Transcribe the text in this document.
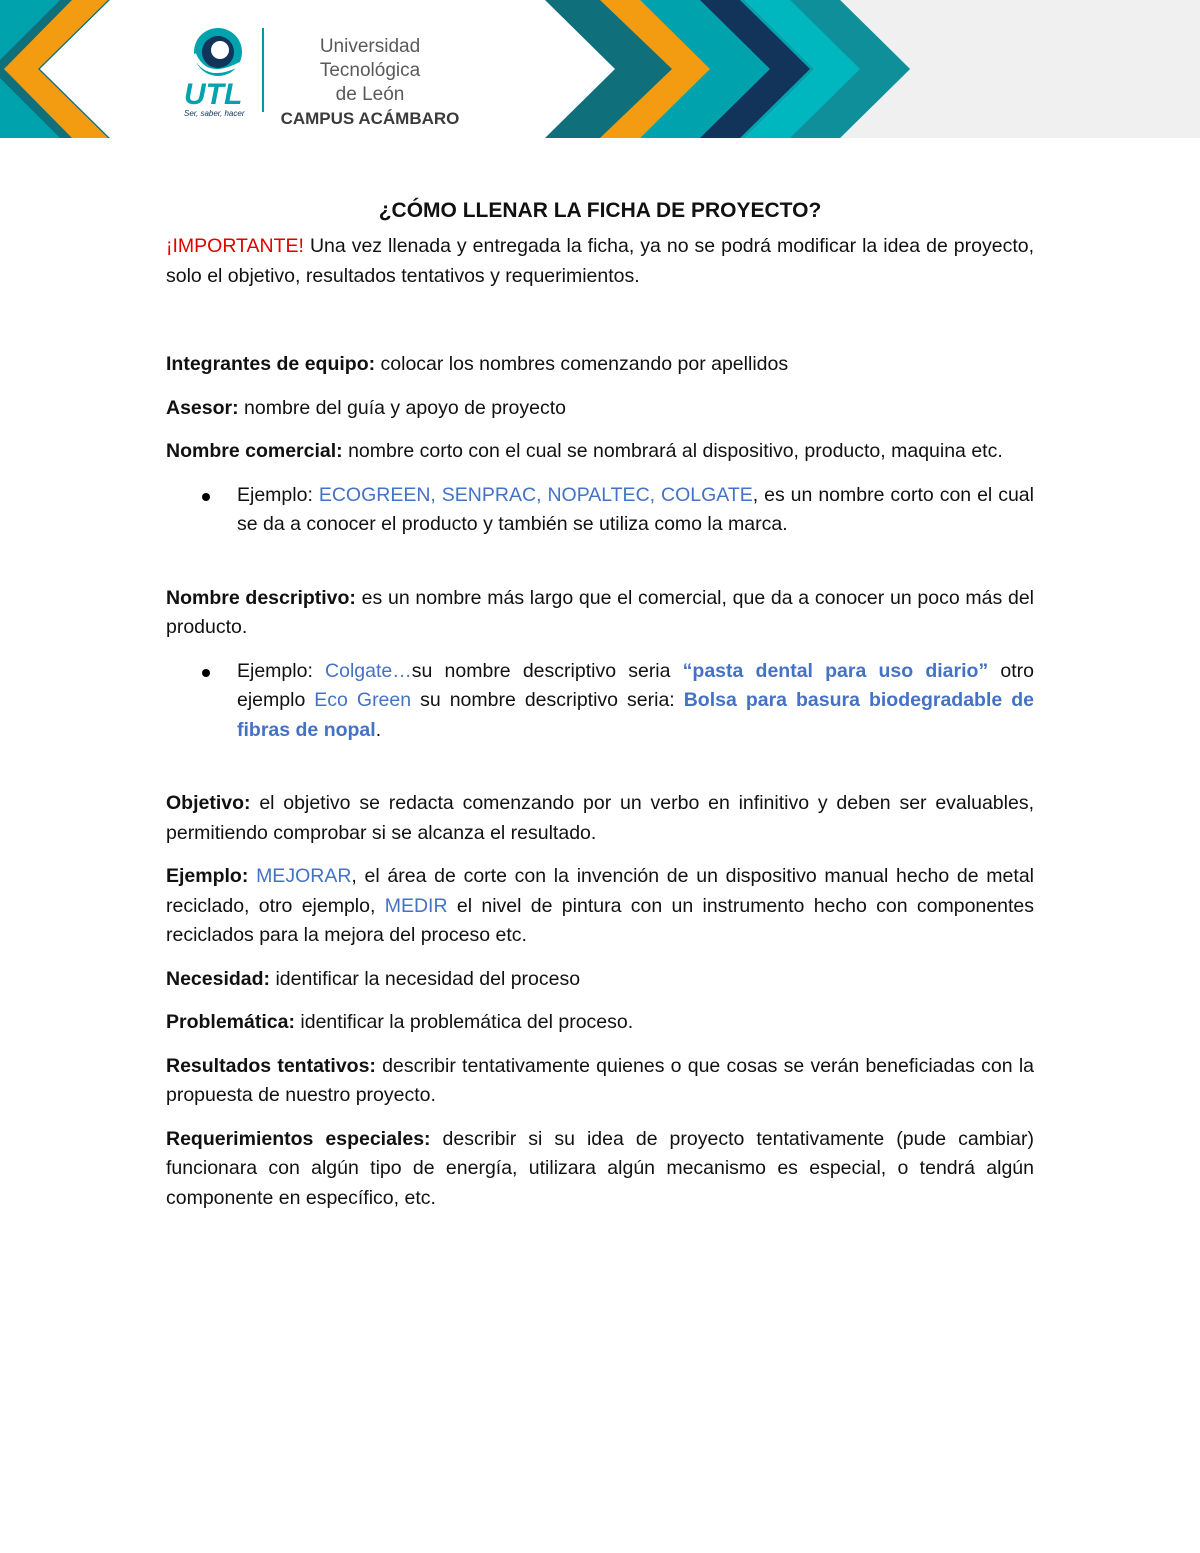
UTL
Ser, saber, hacer
Universidad Tecnológica
de León
CAMPUS ACÁMBARO
¿CÓMO LLENAR LA FICHA DE PROYECTO?

¡IMPORTANTE! Una vez llenada y entregada la ficha, ya no se podrá modificar la idea de proyecto, solo el objetivo, resultados tentativos y requerimientos.

Integrantes de equipo: colocar los nombres comenzando por apellidos

Asesor: nombre del guía y apoyo de proyecto

Nombre comercial: nombre corto con el cual se nombrará al dispositivo, producto, maquina etc.

Ejemplo: ECOGREEN, SENPRAC, NOPALTEC, COLGATE, es un nombre corto con el cual se da a conocer el producto y también se utiliza como la marca.

Nombre descriptivo: es un nombre más largo que el comercial, que da a conocer un poco más del producto.

Ejemplo: Colgate…su nombre descriptivo seria “pasta dental para uso diario” otro ejemplo Eco Green su nombre descriptivo seria: Bolsa para basura biodegradable de fibras de nopal.

Objetivo: el objetivo se redacta comenzando por un verbo en infinitivo y deben ser evaluables, permitiendo comprobar si se alcanza el resultado.

Ejemplo: MEJORAR, el área de corte con la invención de un dispositivo manual hecho de metal reciclado, otro ejemplo, MEDIR el nivel de pintura con un instrumento hecho con componentes reciclados para la mejora del proceso etc.

Necesidad: identificar la necesidad del proceso

Problemática: identificar la problemática del proceso.

Resultados tentativos: describir tentativamente quienes o que cosas se verán beneficiadas con la propuesta de nuestro proyecto.

Requerimientos especiales: describir si su idea de proyecto tentativamente (pude cambiar) funcionara con algún tipo de energía, utilizara algún mecanismo es especial, o tendrá algún componente en específico, etc.
